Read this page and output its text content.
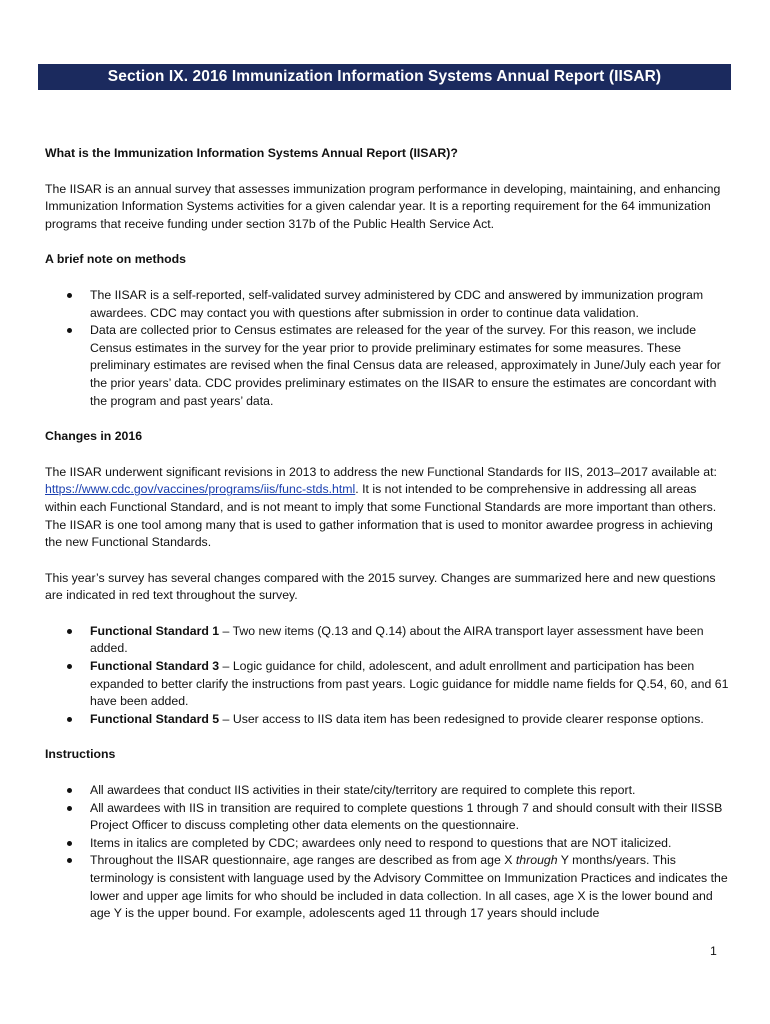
Section IX. 2016 Immunization Information Systems Annual Report (IISAR)
What is the Immunization Information Systems Annual Report (IISAR)?

The IISAR is an annual survey that assesses immunization program performance in developing, maintaining, and enhancing Immunization Information Systems activities for a given calendar year. It is a reporting requirement for the 64 immunization programs that receive funding under section 317b of the Public Health Service Act.

A brief note on methods
The IISAR is a self-reported, self-validated survey administered by CDC and answered by immunization program awardees. CDC may contact you with questions after submission in order to continue data validation.
Data are collected prior to Census estimates are released for the year of the survey. For this reason, we include Census estimates in the survey for the year prior to provide preliminary estimates for some measures. These preliminary estimates are revised when the final Census data are released, approximately in June/July each year for the prior years’ data. CDC provides preliminary estimates on the IISAR to ensure the estimates are concordant with the program and past years’ data.
Changes in 2016

The IISAR underwent significant revisions in 2013 to address the new Functional Standards for IIS, 2013–2017 available at: https://www.cdc.gov/vaccines/programs/iis/func-stds.html. It is not intended to be comprehensive in addressing all areas within each Functional Standard, and is not meant to imply that some Functional Standards are more important than others. The IISAR is one tool among many that is used to gather information that is used to monitor awardee progress in achieving the new Functional Standards.

This year’s survey has several changes compared with the 2015 survey. Changes are summarized here and new questions are indicated in red text throughout the survey.

Functional Standard 1 – Two new items (Q.13 and Q.14) about the AIRA transport layer assessment have been added.
Functional Standard 3 – Logic guidance for child, adolescent, and adult enrollment and participation has been expanded to better clarify the instructions from past years. Logic guidance for middle name fields for Q.54, 60, and 61 have been added.
Functional Standard 5 – User access to IIS data item has been redesigned to provide clearer response options.
Instructions
All awardees that conduct IIS activities in their state/city/territory are required to complete this report.
All awardees with IIS in transition are required to complete questions 1 through 7 and should consult with their IISSB Project Officer to discuss completing other data elements on the questionnaire.
Items in italics are completed by CDC; awardees only need to respond to questions that are NOT italicized.
Throughout the IISAR questionnaire, age ranges are described as from age X through Y months/years. This terminology is consistent with language used by the Advisory Committee on Immunization Practices and indicates the lower and upper age limits for who should be included in data collection. In all cases, age X is the lower bound and age Y is the upper bound. For example, adolescents aged 11 through 17 years should include
1
